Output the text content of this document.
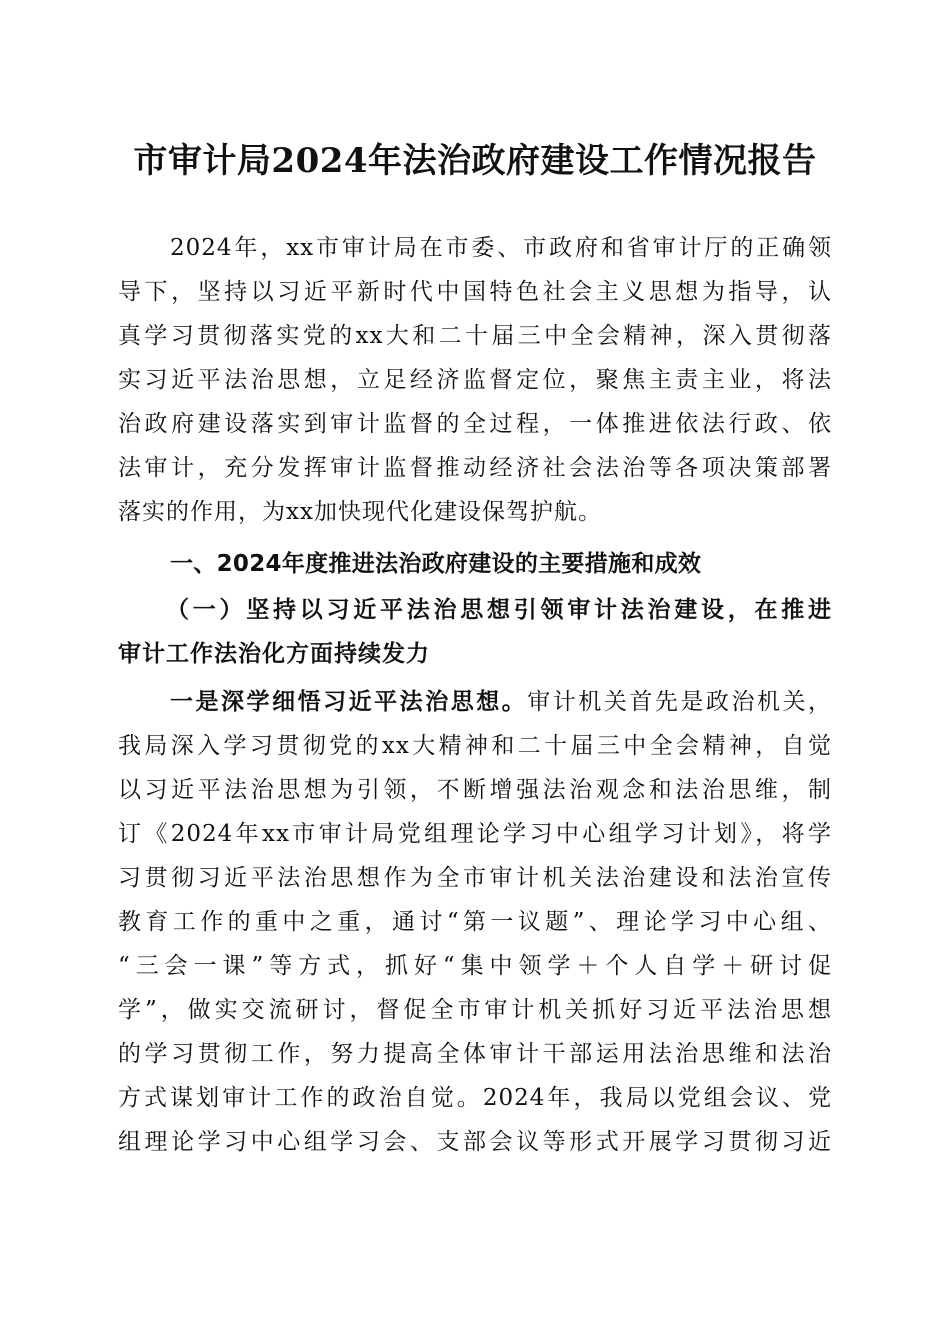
市审计局2024年法治政府建设工作情况报告
2024年，xx市审计局在市委、市政府和省审计厅的正确领
导下，坚持以习近平新时代中国特色社会主义思想为指导，认
真学习贯彻落实党的xx大和二十届三中全会精神，深入贯彻落
实习近平法治思想，立足经济监督定位，聚焦主责主业，将法
治政府建设落实到审计监督的全过程，一体推进依法行政、依
法审计，充分发挥审计监督推动经济社会法治等各项决策部署
落实的作用，为xx加快现代化建设保驾护航。
一、2024年度推进法治政府建设的主要措施和成效
（一）坚持以习近平法治思想引领审计法治建设，在推进
审计工作法治化方面持续发力
一是深学细悟习近平法治思想。审计机关首先是政治机关，
我局深入学习贯彻党的xx大精神和二十届三中全会精神，自觉
以习近平法治思想为引领，不断增强法治观念和法治思维，制
订《2024年xx市审计局党组理论学习中心组学习计划》，将学
习贯彻习近平法治思想作为全市审计机关法治建设和法治宣传
教育工作的重中之重，通讨“第一议题”、理论学习中心组、
“三会一课”等方式，抓好“集中领学＋个人自学＋研讨促
学”，做实交流研讨，督促全市审计机关抓好习近平法治思想
的学习贯彻工作，努力提高全体审计干部运用法治思维和法治
方式谋划审计工作的政治自觉。2024年，我局以党组会议、党
组理论学习中心组学习会、支部会议等形式开展学习贯彻习近
